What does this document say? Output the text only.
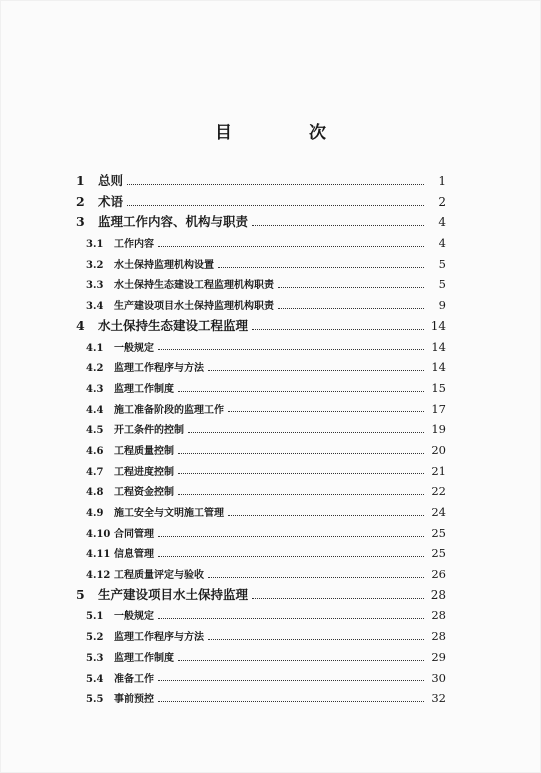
目　次
1	总则	1
2	术语	2
3	监理工作内容、机构与职责	4
3.1	工作内容	4
3.2	水土保持监理机构设置	5
3.3	水土保持生态建设工程监理机构职责	5
3.4	生产建设项目水土保持监理机构职责	9
4	水土保持生态建设工程监理	14
4.1	一般规定	14
4.2	监理工作程序与方法	14
4.3	监理工作制度	15
4.4	施工准备阶段的监理工作	17
4.5	开工条件的控制	19
4.6	工程质量控制	20
4.7	工程进度控制	21
4.8	工程资金控制	22
4.9	施工安全与文明施工管理	24
4.10 合同管理	25
4.11 信息管理	25
4.12 工程质量评定与验收	26
5	生产建设项目水土保持监理	28
5.1	一般规定	28
5.2	监理工作程序与方法	28
5.3	监理工作制度	29
5.4	准备工作	30
5.5	事前预控	32
